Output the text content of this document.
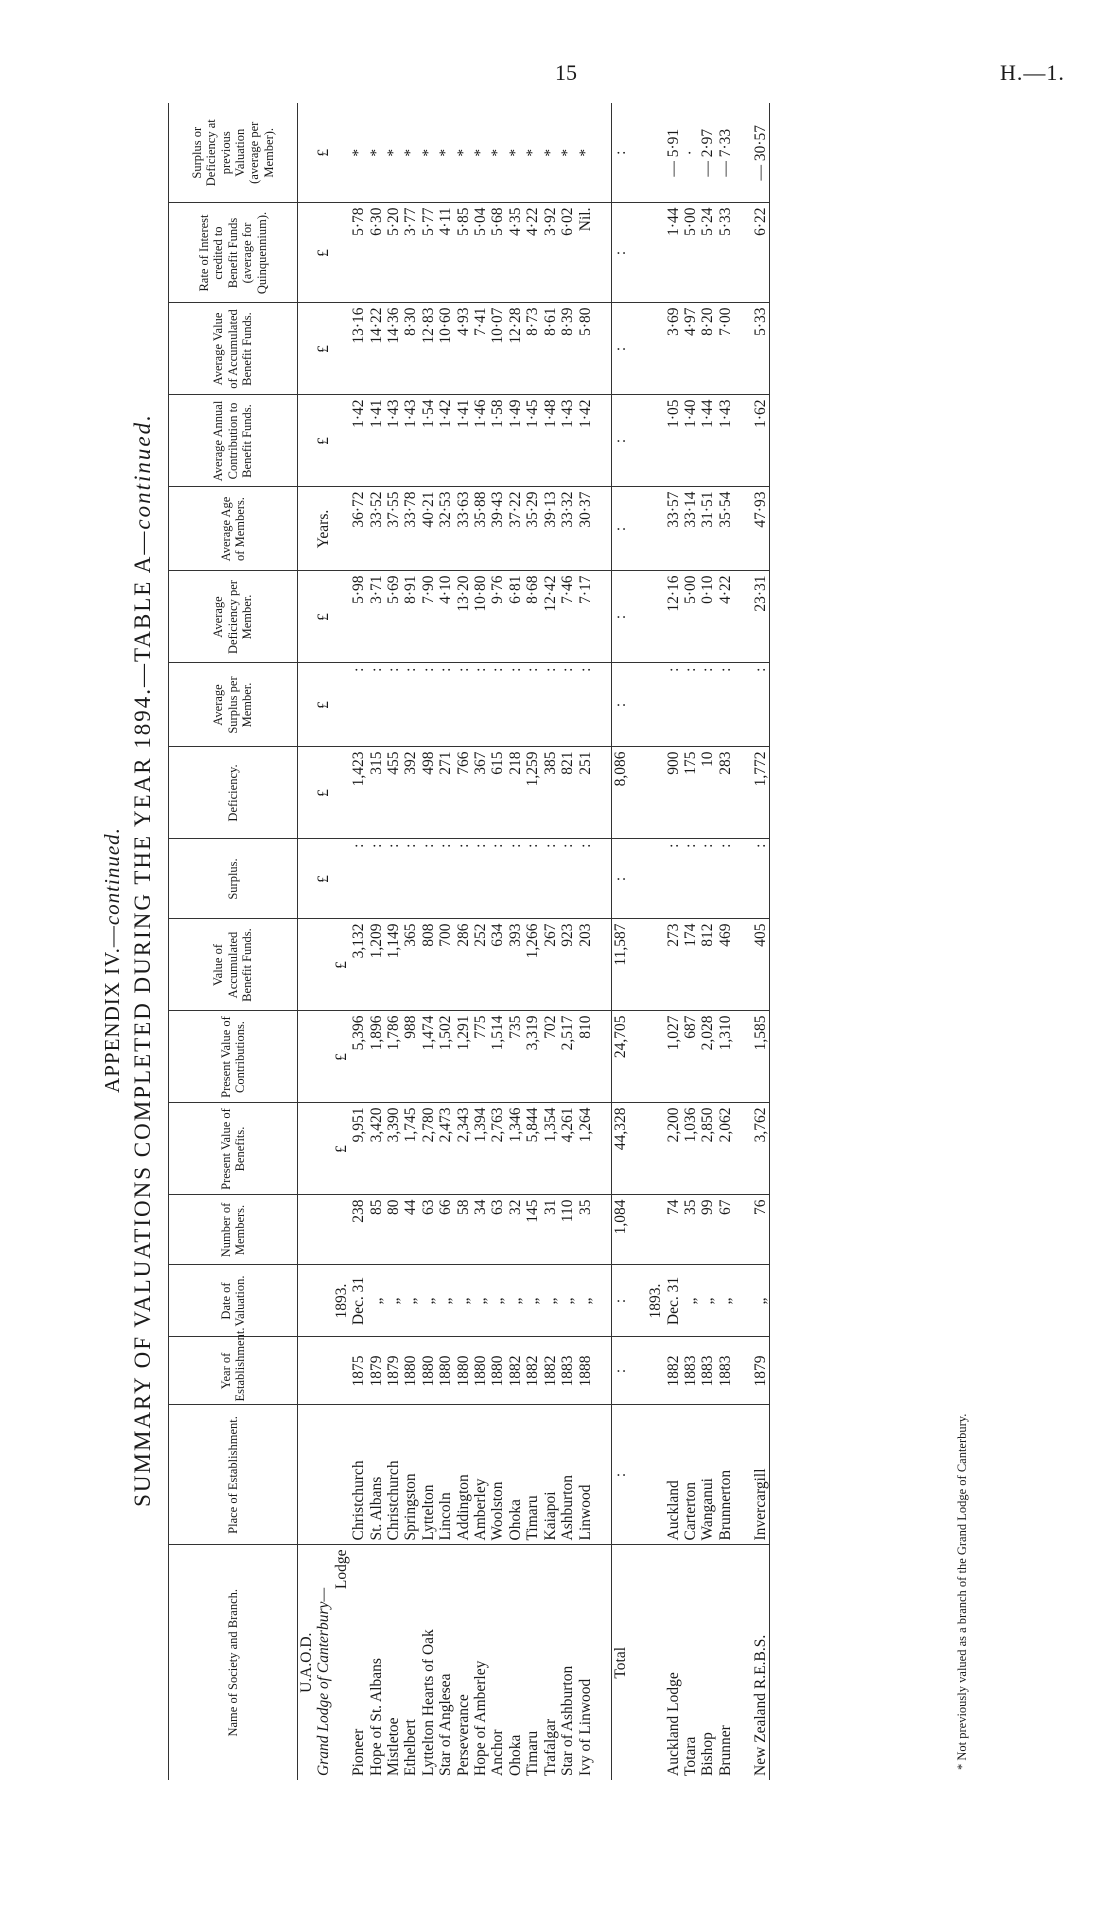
15	H.—1.
APPENDIX IV.—continued. SUMMARY OF VALUATIONS COMPLETED DURING THE YEAR 1894.—TABLE A—continued.
Name of Society and Branch.	Place of Establishment.	Year of Establishment.	Date of Valuation.	Number of Members.	Present Value of Benefits.	Present Value of Contributions.	Value of Accumulated Benefit Funds.	Surplus.	Deficiency.	Average Surplus per Member.	Average Deficiency per Member.	Average Age of Members.	Average Annual Contribution to Benefit Funds.	Average Value of Accumulated Benefit Funds.	Rate of Interest credited to Benefit Funds (average for Quinquennium).	Surplus or Deficiency at previous Valuation (average per Member).
U.A.O.D.																
Grand Lodge of Canterbury—								£	£	£	£	Years.	£	£	£	£
Lodge			1893.		£	£	£									
Pioneer	Christchurch	1875	Dec. 31	238	9,951	5,396	3,132	:	1,423	:	5·98	36·72	1·42	13·16	5·78	*
Hope of St. Albans	St. Albans	1879	„	85	3,420	1,896	1,209	:	315	:	3·71	33·52	1·41	14·22	6·30	*
Mistletoe	Christchurch	1879	„	80	3,390	1,786	1,149	:	455	:	5·69	37·55	1·43	14·36	5·20	*
Ethelbert	Springston	1880	„	44	1,745	988	365	:	392	:	8·91	33·78	1·43	8·30	3·77	*
Lyttelton Hearts of Oak	Lyttelton	1880	„	63	2,780	1,474	808	:	498	:	7·90	40·21	1·54	12·83	5·77	*
Star of Anglesea	Lincoln	1880	„	66	2,473	1,502	700	:	271	:	4·10	32·53	1·42	10·60	4·11	*
Perseverance	Addington	1880	„	58	2,343	1,291	286	:	766	:	13·20	33·63	1·41	4·93	5·85	*
Hope of Amberley	Amberley	1880	„	34	1,394	775	252	:	367	:	10·80	35·88	1·46	7·41	5·04	*
Anchor	Woolston	1880	„	63	2,763	1,514	634	:	615	:	9·76	39·43	1·58	10·07	5·68	*
Ohoka	Ohoka	1882	„	32	1,346	735	393	:	218	:	6·81	37·22	1·49	12·28	4·35	*
Timaru	Timaru	1882	„	145	5,844	3,319	1,266	:	1,259	:	8·68	35·29	1·45	8·73	4·22	*
Trafalgar	Kaiapoi	1882	„	31	1,354	702	267	:	385	:	12·42	39·13	1·48	8·61	3·92	*
Star of Ashburton	Ashburton	1883	„	110	4,261	2,517	923	:	821	:	7·46	33·32	1·43	8·39	6·02	*
Ivy of Linwood	Linwood	1888	„	35	1,264	810	203	:	251	:	7·17	30·37	1·42	5·80	Nil.	*

Total	:	:	:	1,084	44,328	24,705	11,587	:	8,086	:	:	:	:	:	:	:

			1893.													
Auckland Lodge	Auckland	1882	Dec. 31	74	2,200	1,027	273	:	900	:	12·16	33·57	1·05	3·69	1·44	— 5·91
Totara	Carterton	1883	„	35	1,036	687	174	:	175	:	5·00	33·14	1·40	4·97	5·00	·
Bishop	Wanganui	1883	„	99	2,850	2,028	812	:	10	:	0·10	31·51	1·44	8·20	5·24	— 2·97
Brunner	Brunnerton	1883	„	67	2,062	1,310	469	:	283	:	4·22	35·54	1·43	7·00	5·33	— 7·33

New Zealand R.E.B.S.	Invercargill	1879	„	76	3,762	1,585	405	:	1,772	:	23·31	47·93	1·62	5·33	6·22	— 30·57
* Not previously valued as a branch of the Grand Lodge of Canterbury.
